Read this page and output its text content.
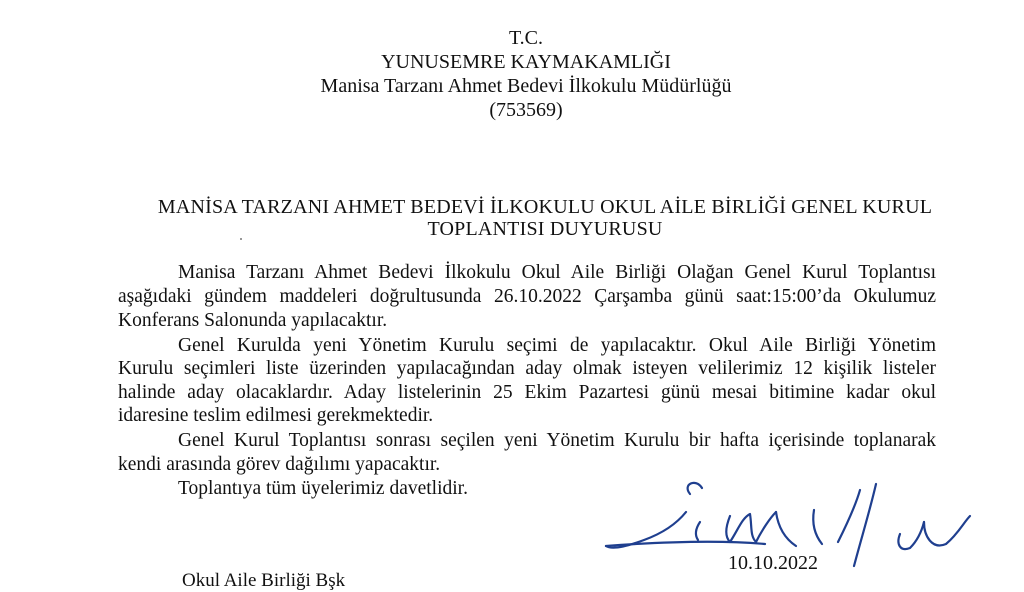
T.C.
YUNUSEMRE KAYMAKAMLIĞI
Manisa Tarzanı Ahmet Bedevi İlkokulu Müdürlüğü
(753569)
MANİSA TARZANI AHMET BEDEVİ İLKOKULU OKUL AİLE BİRLİĞİ GENEL KURUL
TOPLANTISI DUYURUSU
Manisa Tarzanı Ahmet Bedevi İlkokulu Okul Aile Birliği Olağan Genel Kurul Toplantısı
aşağıdaki gündem maddeleri doğrultusunda 26.10.2022 Çarşamba günü saat:15:00’da Okulumuz
Konferans Salonunda yapılacaktır.
Genel Kurulda yeni Yönetim Kurulu seçimi de yapılacaktır. Okul Aile Birliği Yönetim
Kurulu seçimleri liste üzerinden yapılacağından aday olmak isteyen velilerimiz 12 kişilik listeler
halinde aday olacaklardır. Aday listelerinin 25 Ekim Pazartesi günü mesai bitimine kadar okul
idaresine teslim edilmesi gerekmektedir.
Genel Kurul Toplantısı sonrası seçilen yeni Yönetim Kurulu bir hafta içerisinde toplanarak
kendi arasında görev dağılımı yapacaktır.
Toplantıya tüm üyelerimiz davetlidir.
10.10.2022
Okul Aile Birliği Bşk
